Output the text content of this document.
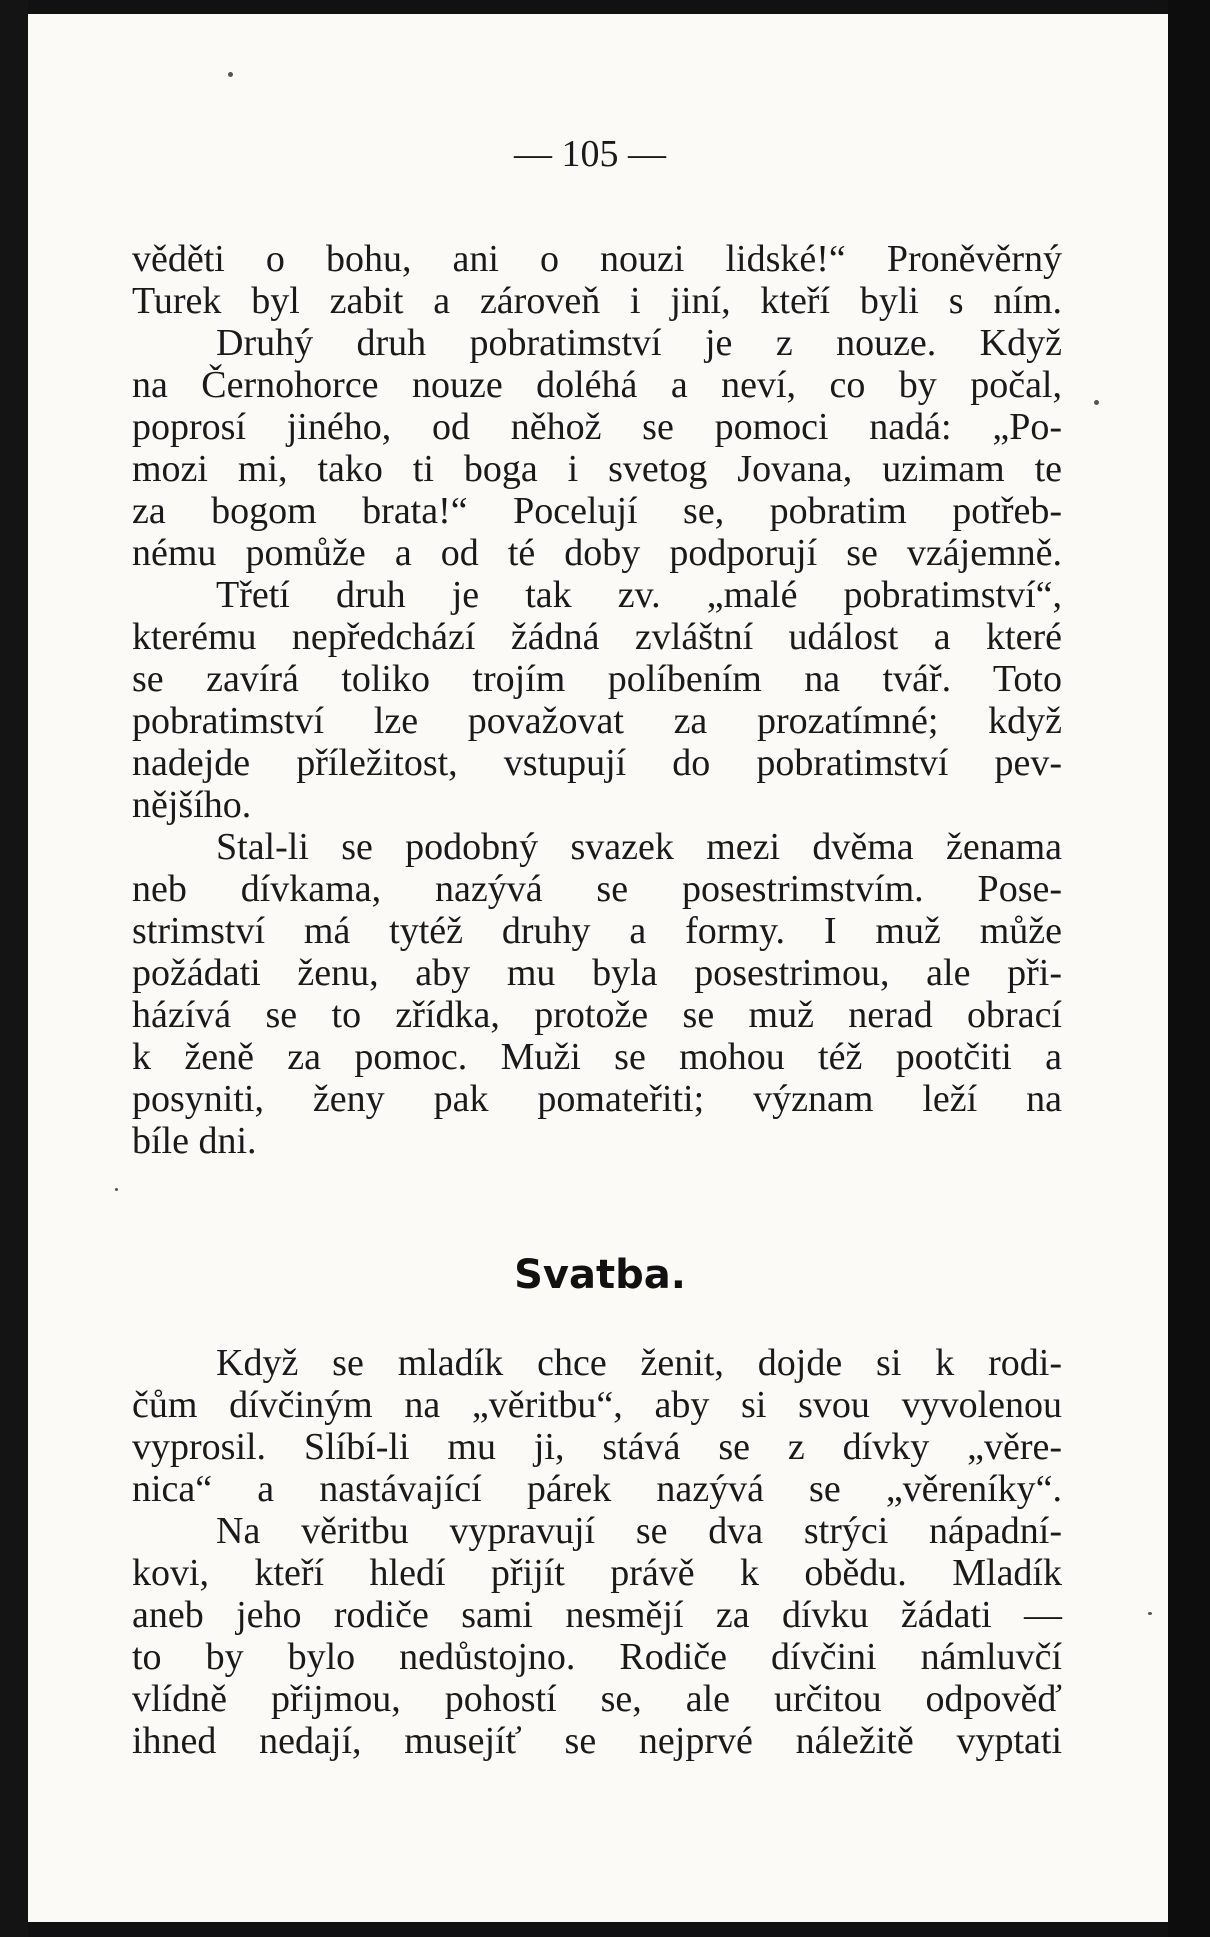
— 105 —
věděti o bohu, ani o nouzi lidské!“ Proněvěrný
Turek byl zabit a zároveň i jiní, kteří byli s ním.
Druhý druh pobratimství je z nouze. Když
na Černohorce nouze doléhá a neví, co by počal,
poprosí jiného, od něhož se pomoci nadá: „Po-
mozi mi, tako ti boga i svetog Jovana, uzimam te
za bogom brata!“ Pocelují se, pobratim potřeb-
nému pomůže a od té doby podporují se vzájemně.
Třetí druh je tak zv. „malé pobratimství“,
kterému nepředchází žádná zvláštní událost a které
se zavírá toliko trojím políbením na tvář. Toto
pobratimství lze považovat za prozatímné; když
nadejde příležitost, vstupují do pobratimství pev-
nějšího.
Stal-li se podobný svazek mezi dvěma ženama
neb dívkama, nazývá se posestrimstvím. Pose-
strimství má tytéž druhy a formy. I muž může
požádati ženu, aby mu byla posestrimou, ale při-
házívá se to zřídka, protože se muž nerad obrací
k ženě za pomoc. Muži se mohou též pootčiti a
posyniti, ženy pak pomateřiti; význam leží na
bíle dni.
Svatba.
Když se mladík chce ženit, dojde si k rodi-
čům dívčiným na „věritbu“, aby si svou vyvolenou
vyprosil. Slíbí-li mu ji, stává se z dívky „věre-
nica“ a nastávající párek nazývá se „věreníky“.
Na věritbu vypravují se dva strýci nápadní-
kovi, kteří hledí přijít právě k obědu. Mladík
aneb jeho rodiče sami nesmějí za dívku žádati —
to by bylo nedůstojno. Rodiče dívčini námluvčí
vlídně přijmou, pohostí se, ale určitou odpověď
ihned nedají, musejíť se nejprvé náležitě vyptati
